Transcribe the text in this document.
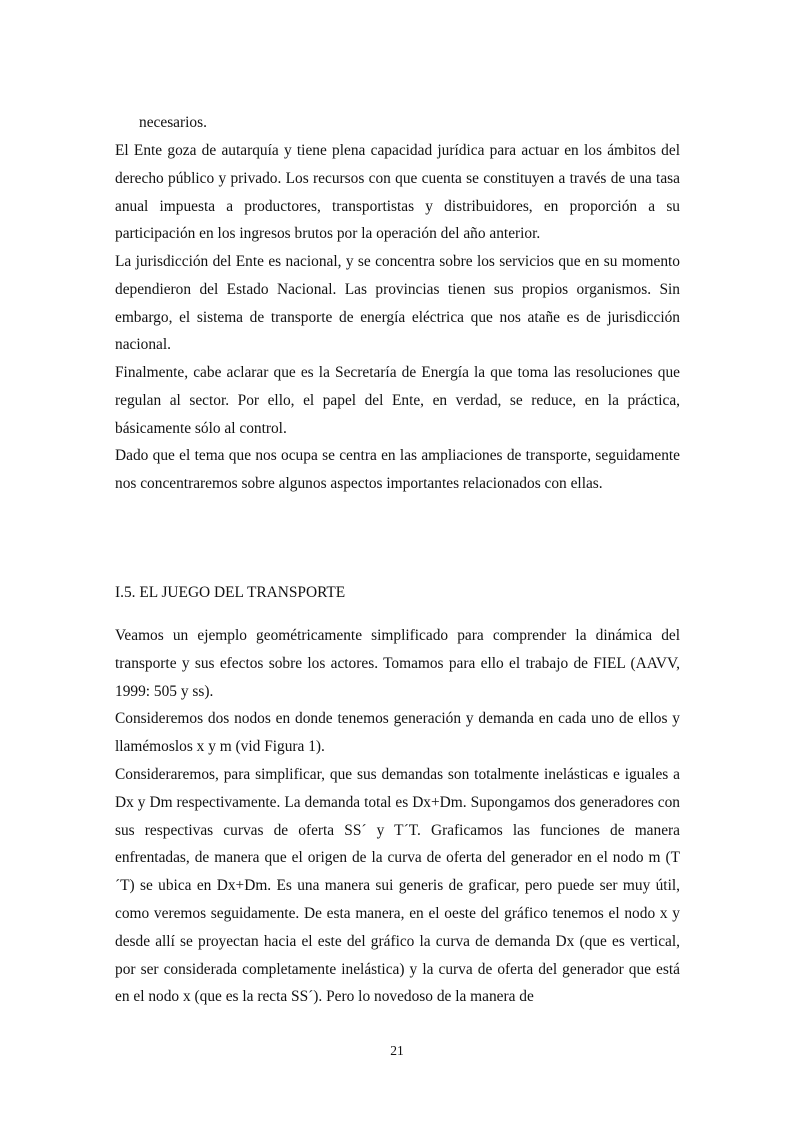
necesarios.

El Ente goza de autarquía y tiene plena capacidad jurídica para actuar en los ámbitos del derecho público y privado. Los recursos con que cuenta se constituyen a través de una tasa anual impuesta a productores, transportistas y distribuidores, en proporción a su participación en los ingresos brutos por la operación del año anterior.

La jurisdicción del Ente es nacional, y se concentra sobre los servicios que en su momento dependieron del Estado Nacional. Las provincias tienen sus propios organismos. Sin embargo, el sistema de transporte de energía eléctrica que nos atañe es de jurisdicción nacional.

Finalmente, cabe aclarar que es la Secretaría de Energía la que toma las resoluciones que regulan al sector. Por ello, el papel del Ente, en verdad, se reduce, en la práctica, básicamente sólo al control.

Dado que el tema que nos ocupa se centra en las ampliaciones de transporte, seguidamente nos concentraremos sobre algunos aspectos importantes relacionados con ellas.

I.5. EL JUEGO DEL TRANSPORTE

Veamos un ejemplo geométricamente simplificado para comprender la dinámica del transporte y sus efectos sobre los actores. Tomamos para ello el trabajo de FIEL (AAVV, 1999: 505 y ss).

Consideremos dos nodos en donde tenemos generación y demanda en cada uno de ellos y llamémoslos x y m (vid Figura 1).

Consideraremos, para simplificar, que sus demandas son totalmente inelásticas e iguales a Dx y Dm respectivamente. La demanda total es Dx+Dm. Supongamos dos generadores con sus respectivas curvas de oferta SS´ y T´T. Graficamos las funciones de manera enfrentadas, de manera que el origen de la curva de oferta del generador en el nodo m (T´T) se ubica en Dx+Dm. Es una manera sui generis de graficar, pero puede ser muy útil, como veremos seguidamente. De esta manera, en el oeste del gráfico tenemos el nodo x y desde allí se proyectan hacia el este del gráfico la curva de demanda Dx (que es vertical, por ser considerada completamente inelástica) y la curva de oferta del generador que está en el nodo x (que es la recta SS´). Pero lo novedoso de la manera de

21
